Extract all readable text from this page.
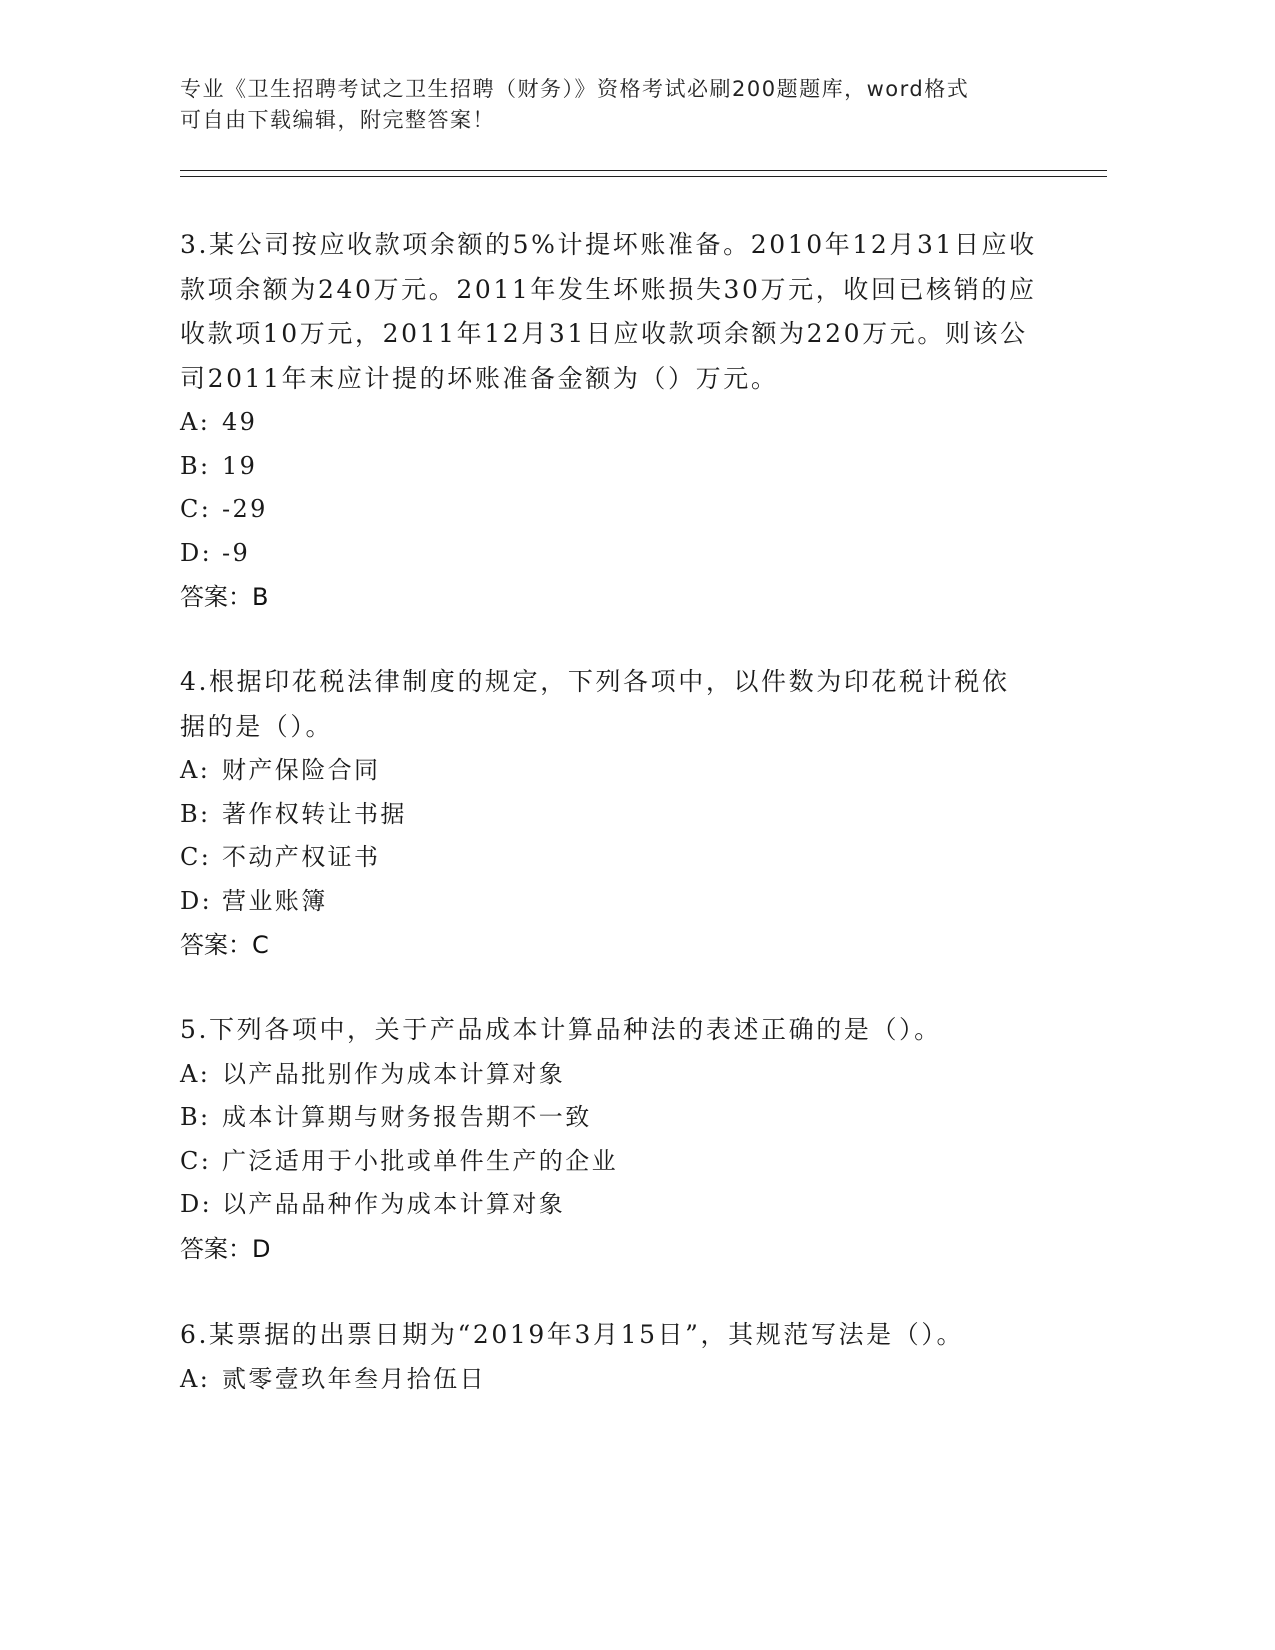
专业《卫生招聘考试之卫生招聘（财务）》资格考试必刷200题题库，word格式
可自由下载编辑，附完整答案！

3.某公司按应收款项余额的5%计提坏账准备。2010年12月31日应收

款项余额为240万元。2011年发生坏账损失30万元，收回已核销的应

收款项10万元，2011年12月31日应收款项余额为220万元。则该公

司2011年末应计提的坏账准备金额为（）万元。

A: 49

B: 19

C: -29

D: -9

答案：B

4.根据印花税法律制度的规定，下列各项中，以件数为印花税计税依

据的是（）。

A: 财产保险合同

B: 著作权转让书据

C: 不动产权证书

D: 营业账簿

答案：C

5.下列各项中，关于产品成本计算品种法的表述正确的是（）。

A: 以产品批别作为成本计算对象

B: 成本计算期与财务报告期不一致

C: 广泛适用于小批或单件生产的企业

D: 以产品品种作为成本计算对象

答案：D

6.某票据的出票日期为“2019年3月15日”，其规范写法是（）。

A: 贰零壹玖年叁月拾伍日
